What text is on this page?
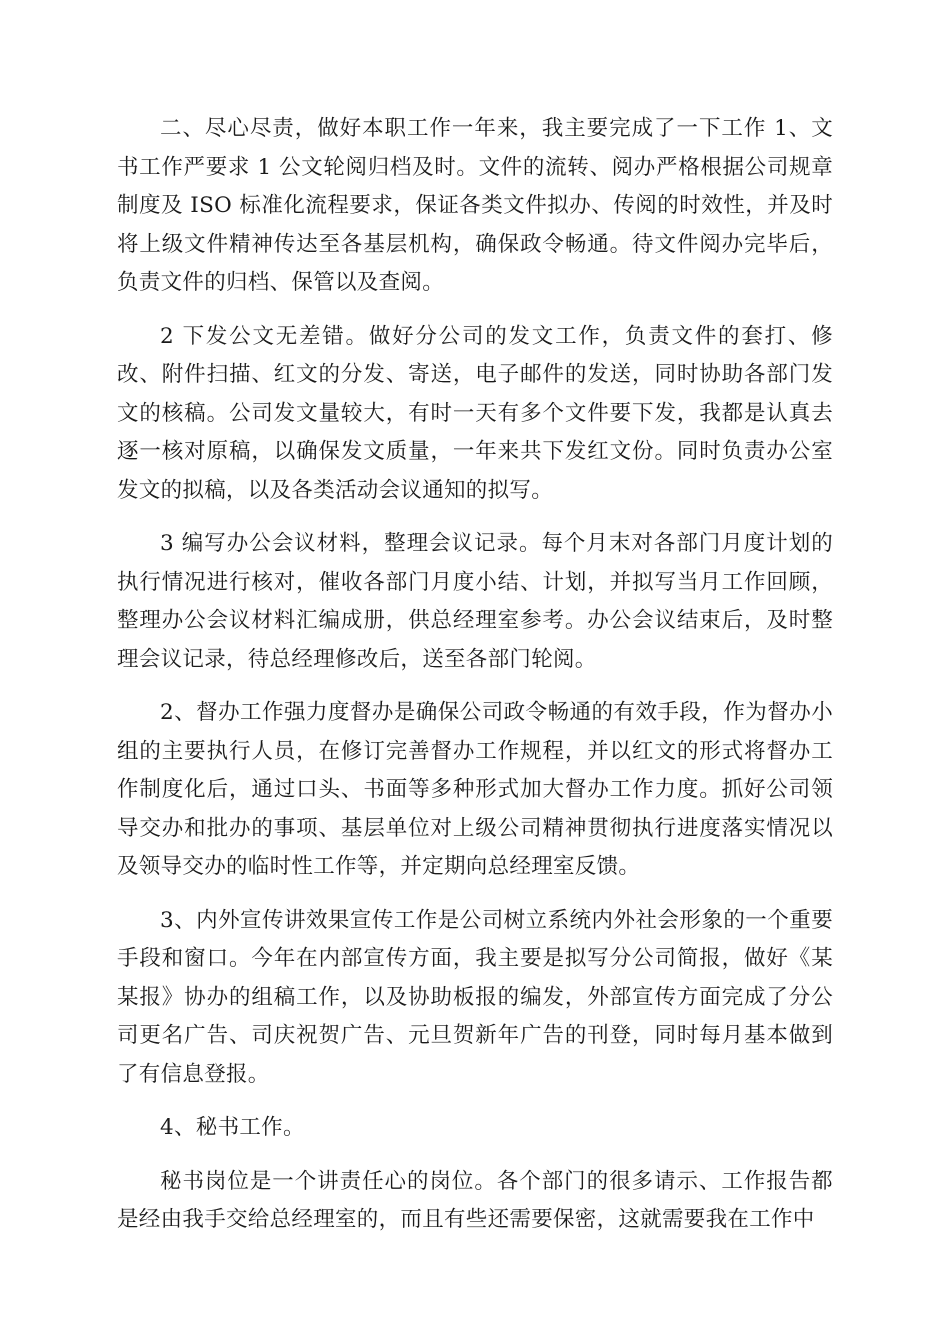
二、尽心尽责，做好本职工作一年来，我主要完成了一下工作 1、文书工作严要求 1 公文轮阅归档及时。文件的流转、阅办严格根据公司规章制度及 ISO 标准化流程要求，保证各类文件拟办、传阅的时效性，并及时将上级文件精神传达至各基层机构，确保政令畅通。待文件阅办完毕后，负责文件的归档、保管以及查阅。

2 下发公文无差错。做好分公司的发文工作，负责文件的套打、修改、附件扫描、红文的分发、寄送，电子邮件的发送，同时协助各部门发文的核稿。公司发文量较大，有时一天有多个文件要下发，我都是认真去逐一核对原稿，以确保发文质量，一年来共下发红文份。同时负责办公室发文的拟稿，以及各类活动会议通知的拟写。

3 编写办公会议材料，整理会议记录。每个月末对各部门月度计划的执行情况进行核对，催收各部门月度小结、计划，并拟写当月工作回顾，整理办公会议材料汇编成册，供总经理室参考。办公会议结束后，及时整理会议记录，待总经理修改后，送至各部门轮阅。

2、督办工作强力度督办是确保公司政令畅通的有效手段，作为督办小组的主要执行人员，在修订完善督办工作规程，并以红文的形式将督办工作制度化后，通过口头、书面等多种形式加大督办工作力度。抓好公司领导交办和批办的事项、基层单位对上级公司精神贯彻执行进度落实情况以及领导交办的临时性工作等，并定期向总经理室反馈。

3、内外宣传讲效果宣传工作是公司树立系统内外社会形象的一个重要手段和窗口。今年在内部宣传方面，我主要是拟写分公司简报，做好《某某报》协办的组稿工作，以及协助板报的编发，外部宣传方面完成了分公司更名广告、司庆祝贺广告、元旦贺新年广告的刊登，同时每月基本做到了有信息登报。

4、秘书工作。

秘书岗位是一个讲责任心的岗位。各个部门的很多请示、工作报告都是经由我手交给总经理室的，而且有些还需要保密，这就需要我在工作中
